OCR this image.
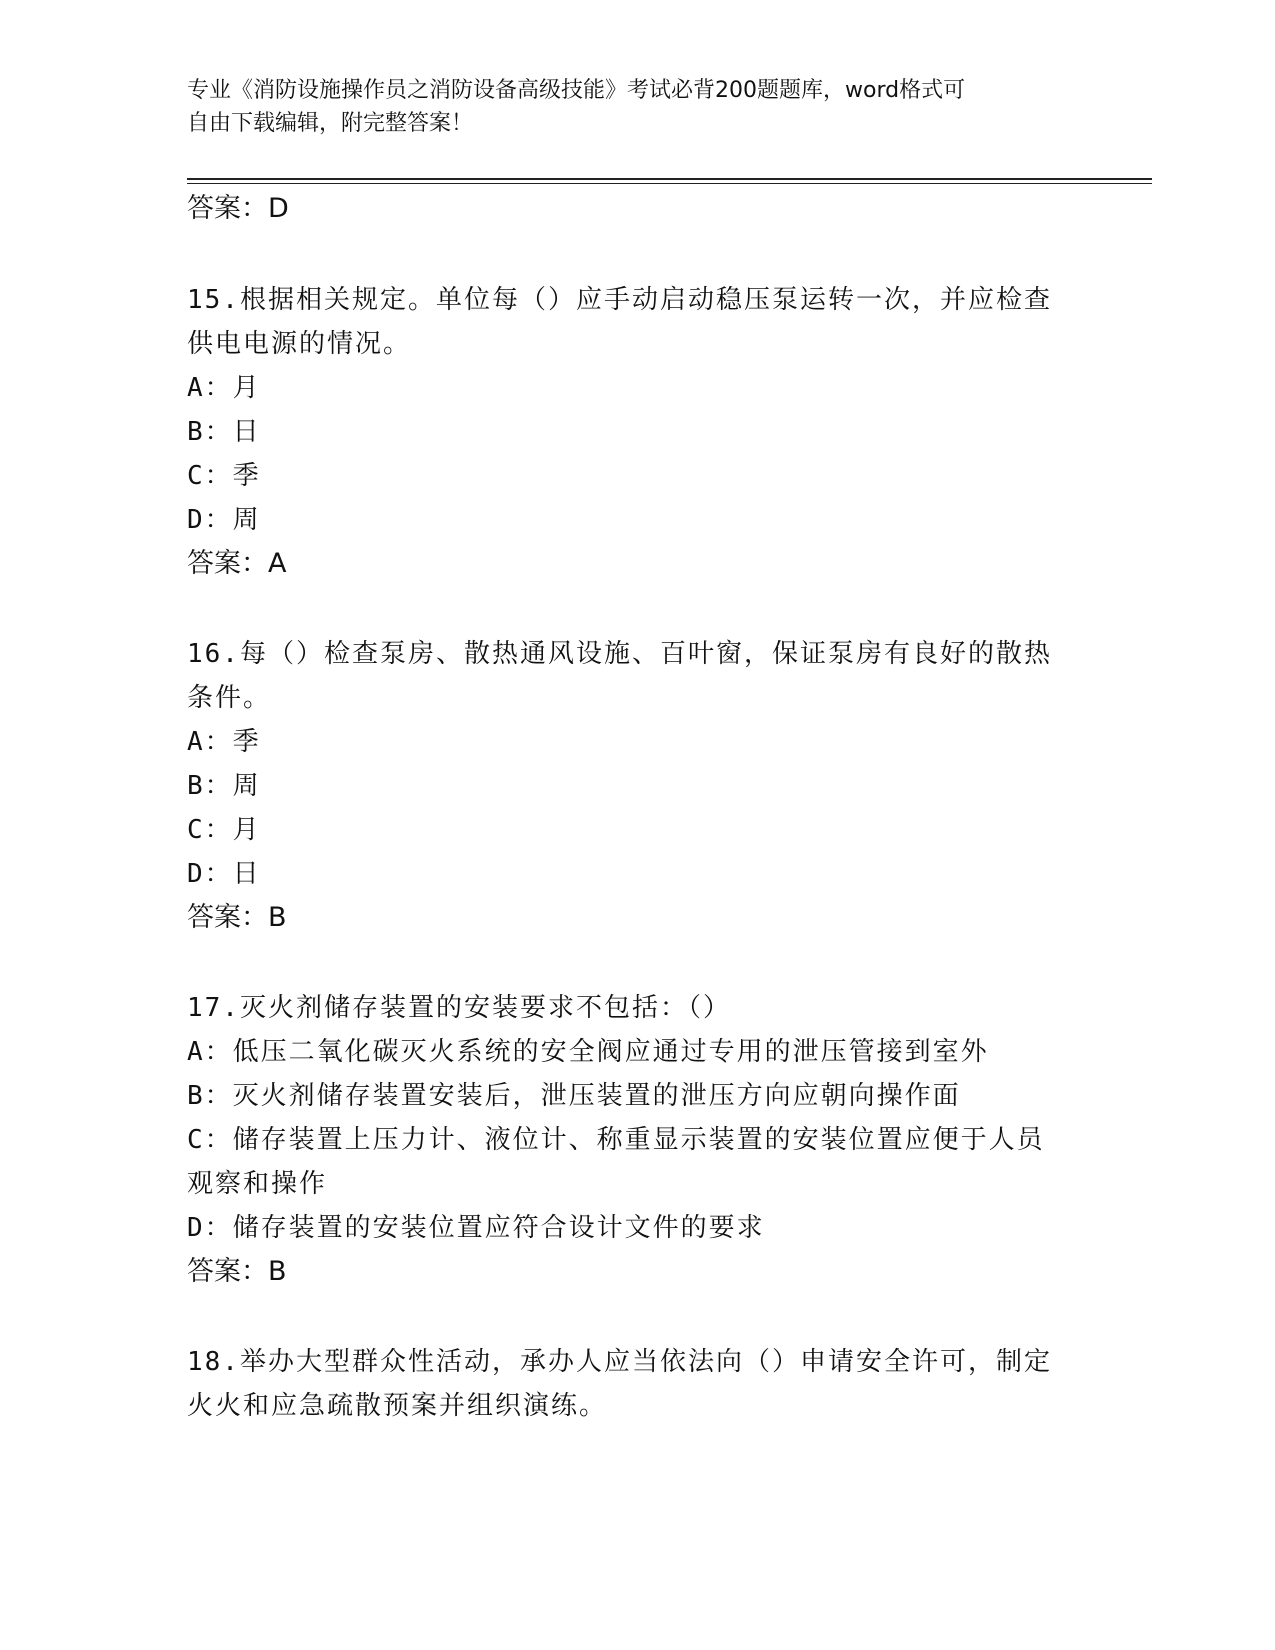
专业《消防设施操作员之消防设备高级技能》考试必背200题题库，word格式可
自由下载编辑，附完整答案！
答案：D
15.根据相关规定。单位每（）应手动启动稳压泵运转一次，并应检查
供电电源的情况。
A：月
B：日
C：季
D：周
答案：A
16.每（）检查泵房、散热通风设施、百叶窗，保证泵房有良好的散热
条件。
A：季
B：周
C：月
D：日
答案：B
17.灭火剂储存装置的安装要求不包括：（）
A：低压二氧化碳灭火系统的安全阀应通过专用的泄压管接到室外
B：灭火剂储存装置安装后，泄压装置的泄压方向应朝向操作面
C：储存装置上压力计、液位计、称重显示装置的安装位置应便于人员
观察和操作
D：储存装置的安装位置应符合设计文件的要求
答案：B
18.举办大型群众性活动，承办人应当依法向（）申请安全许可，制定
火火和应急疏散预案并组织演练。
